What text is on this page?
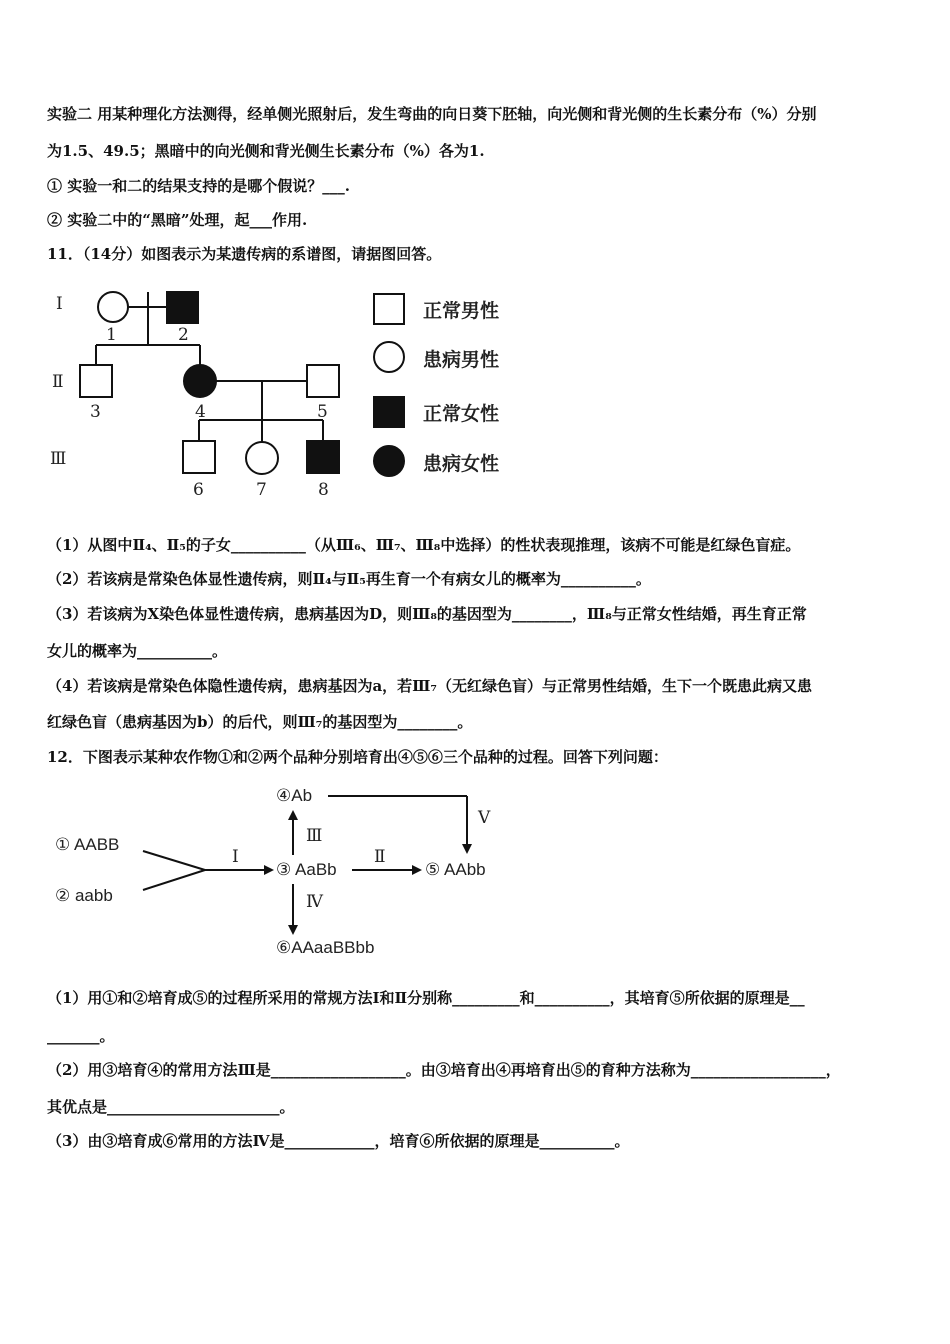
实验二 用某种理化方法测得，经单侧光照射后，发生弯曲的向日葵下胚轴，向光侧和背光侧的生长素分布（%）分别
为1.5、49.5；黑暗中的向光侧和背光侧生长素分布（%）各为1.
① 实验一和二的结果支持的是哪个假说？___.
② 实验二中的“黑暗”处理，起___作用.
11．（14分）如图表示为某遗传病的系谱图，请据图回答。
Ⅰ
Ⅱ
Ⅲ
1	2
3	4	5
6	7	8
正常男性
患病男性
正常女性
患病女性
（1）从图中Ⅱ₄、Ⅱ₅的子女__________（从Ⅲ₆、Ⅲ₇、Ⅲ₈中选择）的性状表现推理，该病不可能是红绿色盲症。
（2）若该病是常染色体显性遗传病，则Ⅱ₄与Ⅱ₅再生育一个有病女儿的概率为__________。
（3）若该病为X染色体显性遗传病，患病基因为D，则Ⅲ₈的基因型为________，Ⅲ₈与正常女性结婚，再生育正常
女儿的概率为__________。
（4）若该病是常染色体隐性遗传病，患病基因为a，若Ⅲ₇（无红绿色盲）与正常男性结婚，生下一个既患此病又患
红绿色盲（患病基因为b）的后代，则Ⅲ₇的基因型为________。
12．下图表示某种农作物①和②两个品种分别培育出④⑤⑥三个品种的过程。回答下列问题：
① AABB
② aabb
③ AaBb
④Ab
⑤ AAbb
⑥AAaaBBbb
Ⅰ	Ⅱ
Ⅲ
Ⅳ
Ⅴ
（1）用①和②培育成⑤的过程所采用的常规方法Ⅰ和Ⅱ分别称_________和__________，其培育⑤所依据的原理是__
_______。
（2）用③培育④的常用方法Ⅲ是__________________。由③培育出④再培育出⑤的育种方法称为__________________，
其优点是_______________________。
（3）由③培育成⑥常用的方法Ⅳ是____________，培育⑥所依据的原理是__________。
